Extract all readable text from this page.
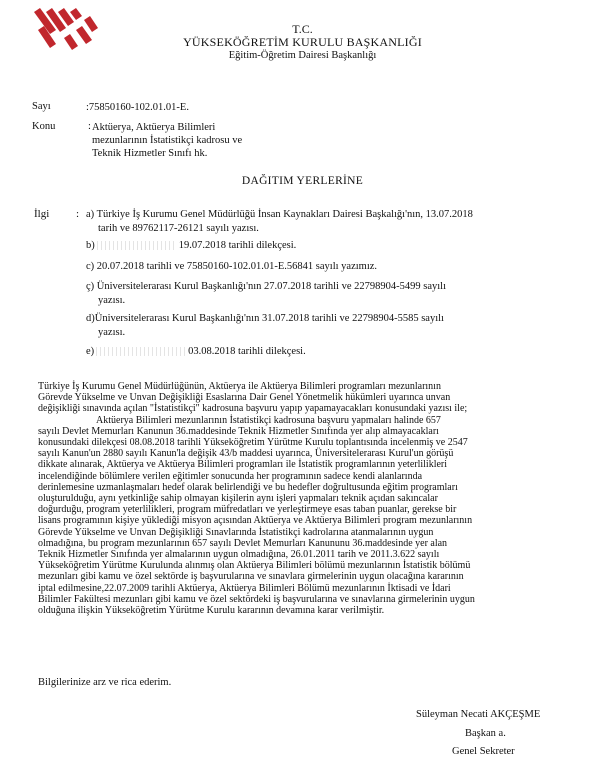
T.C.
YÜKSEKÖĞRETİM KURULU BAŞKANLIĞI
Eğitim-Öğretim Dairesi Başkanlığı
Sayı	:75850160-102.01.01-E.
Konu	: Aktüerya, Aktüerya Bilimleri
mezunlarının İstatistikçi kadrosu ve
Teknik Hizmetler Sınıfı hk.
DAĞITIM YERLERİNE
İlgi : a) Türkiye İş Kurumu Genel Müdürlüğü İnsan Kaynakları Dairesi Başkalığı'nın, 13.07.2018
tarih ve 89762117-26121 sayılı yazısı.
b)	19.07.2018 tarihli dilekçesi.
c) 20.07.2018 tarihli ve 75850160-102.01.01-E.56841 sayılı yazımız.
ç) Üniversitelerarası Kurul Başkanlığı'nın 27.07.2018 tarihli ve 22798904-5499 sayılı
yazısı.
d)Üniversitelerarası Kurul Başkanlığı'nın 31.07.2018 tarihli ve 22798904-5585 sayılı
yazısı.
e)	03.08.2018 tarihli dilekçesi.
Türkiye İş Kurumu Genel Müdürlüğünün, Aktüerya ile Aktüerya Bilimleri programları mezunlarının
Görevde Yükselme ve Unvan Değişikliği Esaslarına Dair Genel Yönetmelik hükümleri uyarınca unvan
değişikliği sınavında açılan "İstatistikçi" kadrosuna başvuru yapıp yapamayacakları konusundaki yazısı ile;
Aktüerya Bilimleri mezunlarının İstatistikçi kadrosuna başvuru yapmaları halinde 657
sayılı Devlet Memurları Kanunun 36.maddesinde Teknik Hizmetler Sınıfında yer alıp almayacakları
konusundaki dilekçesi 08.08.2018 tarihli Yükseköğretim Yürütme Kurulu toplantısında incelenmiş ve 2547
sayılı Kanun'un 2880 sayılı Kanun'la değişik 43/b maddesi uyarınca, Üniversitelerarası Kurul'un görüşü
dikkate alınarak, Aktüerya ve Aktüerya Bilimleri programları ile İstatistik programlarının yeterlilikleri
incelendiğinde bölümlere verilen eğitimler sonucunda her programının sadece kendi alanlarında
derinlemesine uzmanlaşmaları hedef olarak belirlendiği ve bu hedefler doğrultusunda eğitim programları
oluşturulduğu, aynı yetkinliğe sahip olmayan kişilerin aynı işleri yapmaları teknik açıdan sakıncalar
doğurduğu, program yeterlilikleri, program müfredatları ve yerleştirmeye esas taban puanlar, gerekse bir
lisans programının kişiye yüklediği misyon açısından Aktüerya ve Aktüerya Bilimleri program mezunlarının
Görevde Yükselme ve Unvan Değişikliği Sınavlarında İstatistikçi kadrolarına atanmalarının uygun
olmadığına, bu program mezunlarının 657 sayılı Devlet Memurları Kanununu 36.maddesinde yer alan
Teknik Hizmetler Sınıfında yer almalarının uygun olmadığına, 26.01.2011 tarih ve 2011.3.622 sayılı
Yükseköğretim Yürütme Kurulunda alınmış olan Aktüerya Bilimleri bölümü mezunlarının İstatistik bölümü
mezunları gibi kamu ve özel sektörde iş başvurularına ve sınavlara girmelerinin uygun olacağına kararının
iptal edilmesine,22.07.2009 tarihli Aktüerya, Aktüerya Bilimleri Bölümü mezunlarının İktisadi ve İdari
Bilimler Fakültesi mezunları gibi kamu ve özel sektördeki iş başvurularına ve sınavlarına girmelerinin uygun
olduğuna ilişkin Yükseköğretim Yürütme Kurulu kararının devamına karar verilmiştir.
Bilgilerinize arz ve rica ederim.
Süleyman Necati AKÇEŞME
Başkan a.
Genel Sekreter
